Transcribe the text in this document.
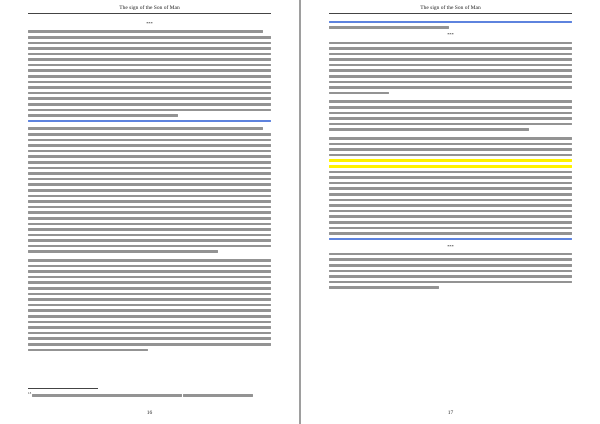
The sign of the Son of Man
***
$^{13}$
16
The sign of the Son of Man
***
***
17
